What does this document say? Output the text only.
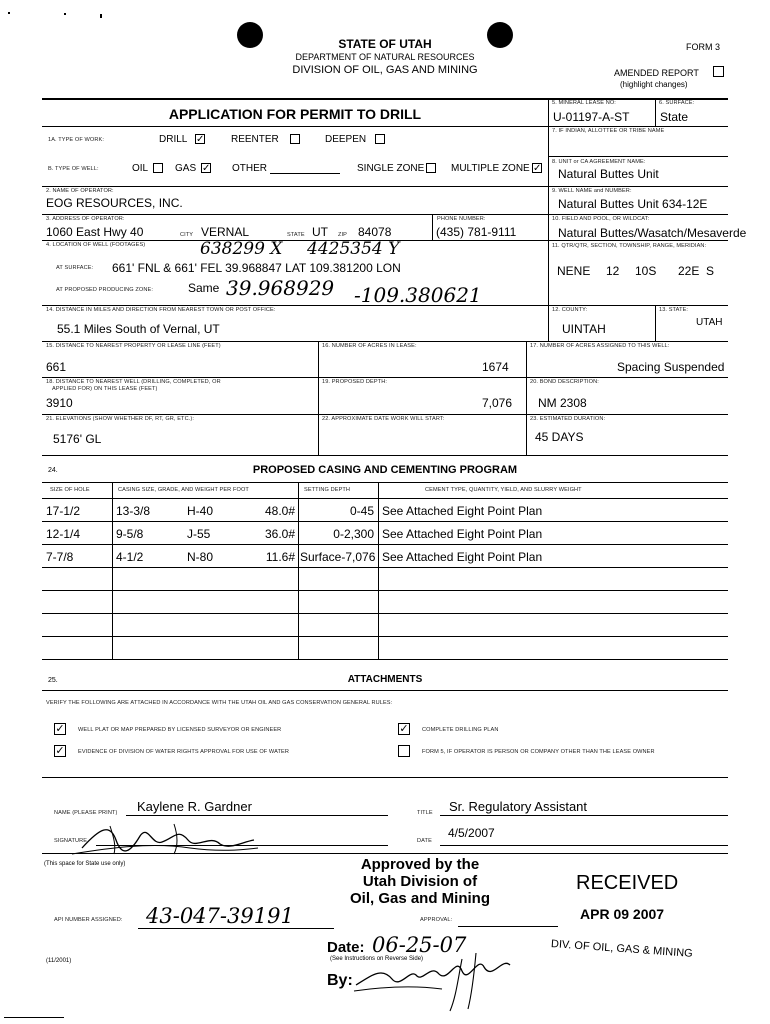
STATE OF UTAH
DEPARTMENT OF NATURAL RESOURCES
DIVISION OF OIL, GAS AND MINING
FORM 3
AMENDED REPORT
(highlight changes)
APPLICATION FOR PERMIT TO DRILL
5. MINERAL LEASE NO:
U-01197-A-ST
6. SURFACE:
State
7. IF INDIAN, ALLOTTEE OR TRIBE NAME
1A. TYPE OF WORK:	DRILL ✓	REENTER	DEEPEN
B. TYPE OF WELL:	OIL	GAS ✓ OTHER	SINGLE ZONE	MULTIPLE ZONE ✓
8. UNIT or CA AGREEMENT NAME:
Natural Buttes Unit
2. NAME OF OPERATOR:
EOG RESOURCES, INC.
9. WELL NAME and NUMBER:
Natural Buttes Unit 634-12E
3. ADDRESS OF OPERATOR:
1060 East Hwy 40	CITY VERNAL	STATE UT ZIP 84078
PHONE NUMBER:
(435) 781-9111
10. FIELD AND POOL, OR WILDCAT:
Natural Buttes/Wasatch/Mesaverde
4. LOCATION OF WELL (FOOTAGES)	638299 X 4425354 Y
AT SURFACE: 661' FNL & 661' FEL 39.968847 LAT 109.381200 LON
AT PROPOSED PRODUCING ZONE:	Same 39.968929 -109.380621
11. QTR/QTR, SECTION, TOWNSHIP, RANGE, MERIDIAN:
NENE 12 10S 22E S
14. DISTANCE IN MILES AND DIRECTION FROM NEAREST TOWN OR POST OFFICE:
55.1 Miles South of Vernal, UT
12. COUNTY:
UINTAH
13. STATE:
UTAH
15. DISTANCE TO NEAREST PROPERTY OR LEASE LINE (FEET)
661
16. NUMBER OF ACRES IN LEASE:
1674
17. NUMBER OF ACRES ASSIGNED TO THIS WELL:
Spacing Suspended
18. DISTANCE TO NEAREST WELL (DRILLING, COMPLETED, OR
APPLIED FOR) ON THIS LEASE (FEET)
3910
19. PROPOSED DEPTH:
7,076
20. BOND DESCRIPTION:
NM 2308
21. ELEVATIONS (SHOW WHETHER DF, RT, GR, ETC.):
5176' GL
22. APPROXIMATE DATE WORK WILL START:	23. ESTIMATED DURATION:
45 DAYS
24.	PROPOSED CASING AND CEMENTING PROGRAM
SIZE OF HOLE	CASING SIZE, GRADE, AND WEIGHT PER FOOT	SETTING DEPTH	CEMENT TYPE, QUANTITY, YIELD, AND SLURRY WEIGHT
17-1/2	13-3/8	H-40	48.0#	0-45 See Attached Eight Point Plan
12-1/4	9-5/8	J-55	36.0#	0-2,300 See Attached Eight Point Plan
7-7/8	4-1/2	N-80	11.6# Surface-7,076 See Attached Eight Point Plan
25.	ATTACHMENTS
VERIFY THE FOLLOWING ARE ATTACHED IN ACCORDANCE WITH THE UTAH OIL AND GAS CONSERVATION GENERAL RULES:
✓ WELL PLAT OR MAP PREPARED BY LICENSED SURVEYOR OR ENGINEER	✓ COMPLETE DRILLING PLAN
✓ EVIDENCE OF DIVISION OF WATER RIGHTS APPROVAL FOR USE OF WATER	FORM 5, IF OPERATOR IS PERSON OR COMPANY OTHER THAN THE LEASE OWNER
NAME (PLEASE PRINT) Kaylene R. Gardner	TITLE Sr. Regulatory Assistant
SIGNATURE	DATE
4/5/2007
(This space for State use only)	Approved by the
Utah Division of
Oil, Gas and Mining
RECEIVED
APR 09 2007
DIV. OF OIL, GAS & MINING
API NUMBER ASSIGNED: 43-047-39191	APPROVAL:
Date: 06-25-07
(See Instructions on Reverse Side)
By:
(11/2001)
